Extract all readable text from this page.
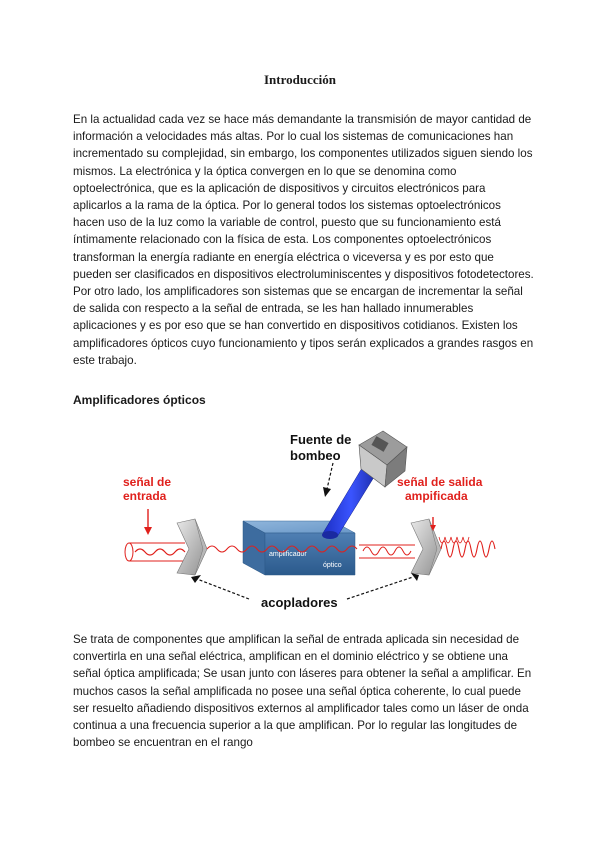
Introducción

En la actualidad cada vez se hace más demandante la transmisión de mayor cantidad de información a velocidades más altas. Por lo cual los sistemas de comunicaciones han incrementado su complejidad, sin embargo, los componentes utilizados siguen siendo los mismos. La electrónica y la óptica convergen en lo que se denomina como optoelectrónica, que es la aplicación de dispositivos y circuitos electrónicos para aplicarlos a la rama de la óptica. Por lo general todos los sistemas optoelectrónicos hacen uso de la luz como la variable de control, puesto que su funcionamiento está íntimamente relacionado con la física de esta. Los componentes optoelectrónicos transforman la energía radiante en energía eléctrica o viceversa y es por esto que pueden ser clasificados en dispositivos electroluminiscentes y dispositivos fotodetectores. Por otro lado, los amplificadores son sistemas que se encargan de incrementar la señal de salida con respecto a la señal de entrada, se les han hallado innumerables aplicaciones y es por eso que se han convertido en dispositivos cotidianos. Existen los amplificadores ópticos cuyo funcionamiento y tipos serán explicados a grandes rasgos en este trabajo.

Amplificadores ópticos
amplificador
óptico
Fuente de
bombeo
señal de
entrada
señal de salida
ampificada
acopladores

Se trata de componentes que amplifican la señal de entrada aplicada sin necesidad de convertirla en una señal eléctrica, amplifican en el dominio eléctrico y se obtiene una señal óptica amplificada; Se usan junto con láseres para obtener la señal a amplificar. En muchos casos la señal amplificada no posee una señal óptica coherente, lo cual puede ser resuelto añadiendo dispositivos externos al amplificador tales como un láser de onda continua a una frecuencia superior a la que amplifican. Por lo regular las longitudes de bombeo se encuentran en el rango
